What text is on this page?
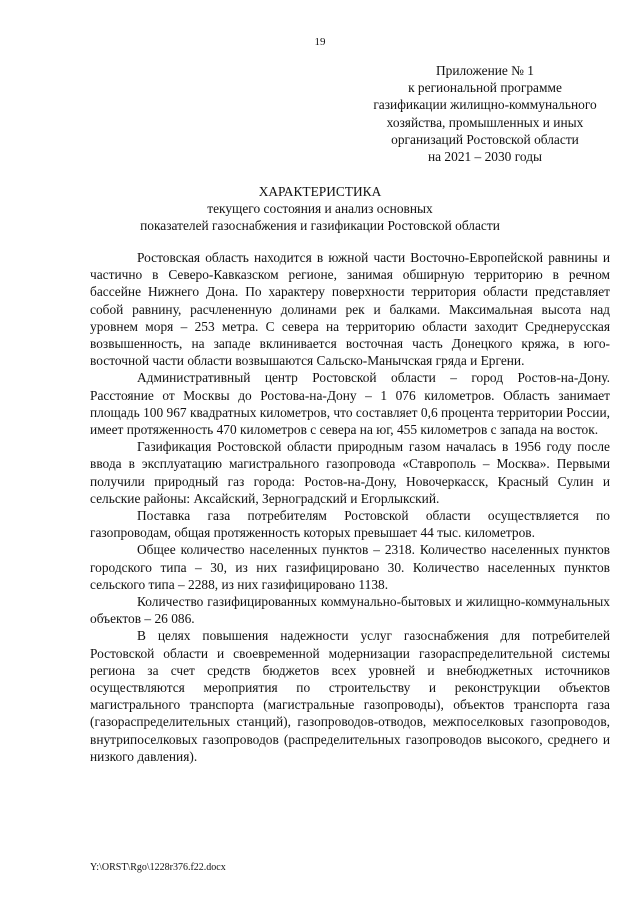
19
Приложение № 1
к региональной программе
газификации жилищно-коммунального
хозяйства, промышленных и иных
организаций Ростовской области
на 2021 – 2030 годы
ХАРАКТЕРИСТИКА
текущего состояния и анализ основных
показателей газоснабжения и газификации Ростовской области

Ростовская область находится в южной части Восточно-Европейской равнины и частично в Северо-Кавказском регионе, занимая обширную территорию в речном бассейне Нижнего Дона. По характеру поверхности территория области представляет собой равнину, расчлененную долинами рек и балками. Максимальная высота над уровнем моря – 253 метра. С севера на территорию области заходит Среднерусская возвышенность, на западе вклинивается восточная часть Донецкого кряжа, в юго-восточной части области возвышаются Сальско-Манычская гряда и Ергени.

Административный центр Ростовской области – город Ростов-на-Дону. Расстояние от Москвы до Ростова-на-Дону – 1 076 километров. Область занимает площадь 100 967 квадратных километров, что составляет 0,6 процента территории России, имеет протяженность 470 километров с севера на юг, 455 километров с запада на восток.

Газификация Ростовской области природным газом началась в 1956 году после ввода в эксплуатацию магистрального газопровода «Ставрополь – Москва». Первыми получили природный газ города: Ростов-на-Дону, Новочеркасск, Красный Сулин и сельские районы: Аксайский, Зерноградский и Егорлыкский.

Поставка газа потребителям Ростовской области осуществляется по газопроводам, общая протяженность которых превышает 44 тыс. километров.

Общее количество населенных пунктов – 2318. Количество населенных пунктов городского типа – 30, из них газифицировано 30. Количество населенных пунктов сельского типа – 2288, из них газифицировано 1138.

Количество газифицированных коммунально-бытовых и жилищно-коммунальных объектов – 26 086.

В целях повышения надежности услуг газоснабжения для потребителей Ростовской области и своевременной модернизации газораспределительной системы региона за счет средств бюджетов всех уровней и внебюджетных источников осуществляются мероприятия по строительству и реконструкции объектов магистрального транспорта (магистральные газопроводы), объектов транспорта газа (газораспределительных станций), газопроводов-отводов, межпоселковых газопроводов, внутрипоселковых газопроводов (распределительных газопроводов высокого, среднего и низкого давления).

Y:\ORST\Rgo\1228r376.f22.docx
